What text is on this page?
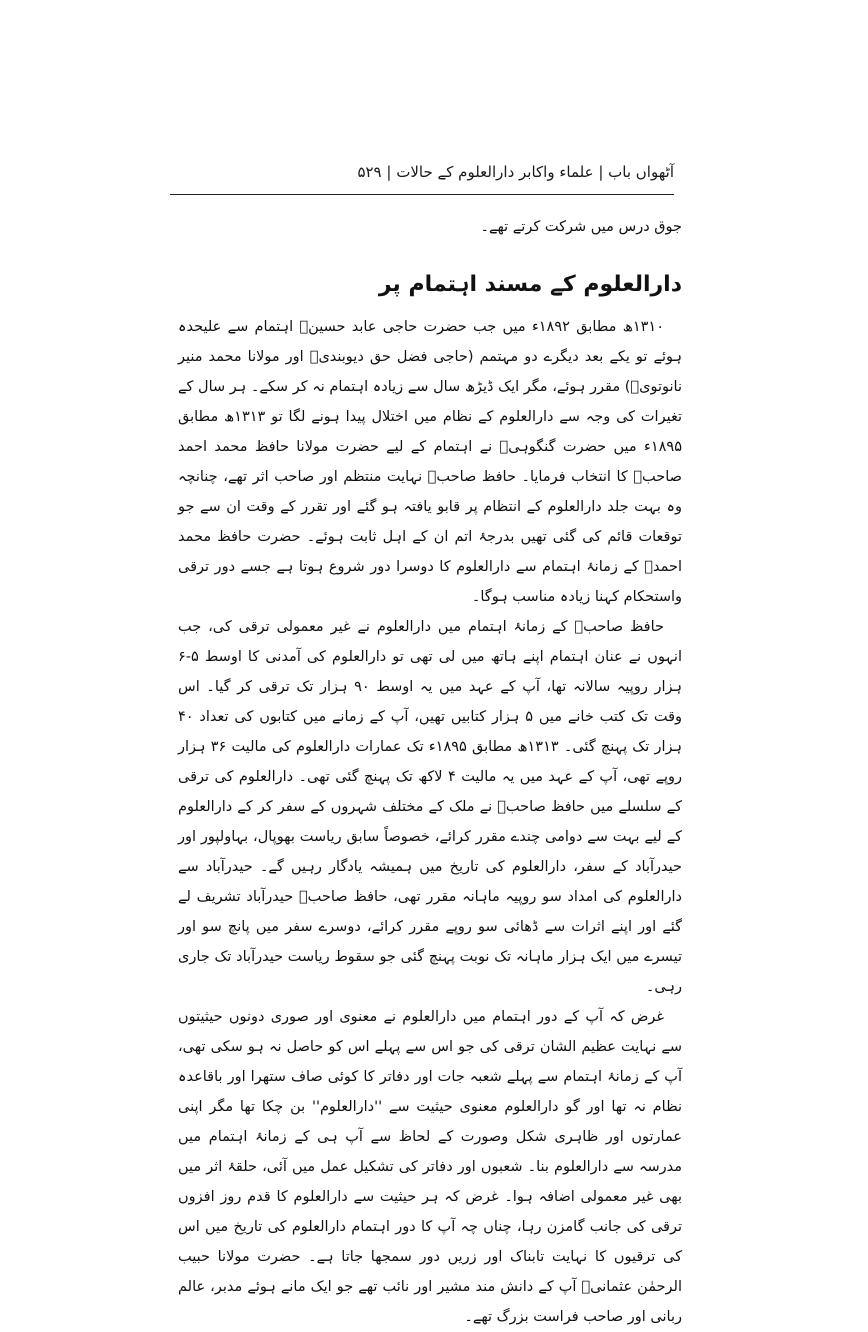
آٹھواں باب | علماء واکابر دارالعلوم کے حالات | ۵۲۹

جوق درس میں شرکت کرتے تھے۔

دارالعلوم کے مسند اہتمام پر

۱۳۱۰ھ مطابق ۱۸۹۲ء میں جب حضرت حاجی عابد حسینؒ اہتمام سے علیحدہ ہوئے تو یکے بعد دیگرے دو مہتمم (حاجی فضل حق دیوبندیؒ اور مولانا محمد منیر نانوتویؒ) مقرر ہوئے، مگر ایک ڈیڑھ سال سے زیادہ اہتمام نہ کر سکے۔ ہر سال کے تغیرات کی وجہ سے دارالعلوم کے نظام میں اختلال پیدا ہونے لگا تو ۱۳۱۳ھ مطابق ۱۸۹۵ء میں حضرت گنگوہیؒ نے اہتمام کے لیے حضرت مولانا حافظ محمد احمد صاحبؒ کا انتخاب فرمایا۔ حافظ صاحبؒ نہایت منتظم اور صاحب اثر تھے، چنانچہ وہ بہت جلد دارالعلوم کے انتظام پر قابو یافتہ ہو گئے اور تقرر کے وقت ان سے جو توقعات قائم کی گئی تھیں بدرجۂ اتم ان کے اہل ثابت ہوئے۔ حضرت حافظ محمد احمدؒ کے زمانۂ اہتمام سے دارالعلوم کا دوسرا دور شروع ہوتا ہے جسے دور ترقی واستحکام کہنا زیادہ مناسب ہوگا۔

حافظ صاحبؒ کے زمانۂ اہتمام میں دارالعلوم نے غیر معمولی ترقی کی، جب انہوں نے عنان اہتمام اپنے ہاتھ میں لی تھی تو دارالعلوم کی آمدنی کا اوسط ۵-۶ ہزار روپیہ سالانہ تھا، آپ کے عہد میں یہ اوسط ۹۰ ہزار تک ترقی کر گیا۔ اس وقت تک کتب خانے میں ۵ ہزار کتابیں تھیں، آپ کے زمانے میں کتابوں کی تعداد ۴۰ ہزار تک پہنچ گئی۔ ۱۳۱۳ھ مطابق ۱۸۹۵ء تک عمارات دارالعلوم کی مالیت ۳۶ ہزار روپے تھی، آپ کے عہد میں یہ مالیت ۴ لاکھ تک پہنچ گئی تھی۔ دارالعلوم کی ترقی کے سلسلے میں حافظ صاحبؒ نے ملک کے مختلف شہروں کے سفر کر کے دارالعلوم کے لیے بہت سے دوامی چندے مقرر کرائے، خصوصاً سابق ریاست بھوپال، بہاولپور اور حیدرآباد کے سفر، دارالعلوم کی تاریخ میں ہمیشہ یادگار رہیں گے۔ حیدرآباد سے دارالعلوم کی امداد سو روپیہ ماہانہ مقرر تھی، حافظ صاحبؒ حیدرآباد تشریف لے گئے اور اپنے اثرات سے ڈھائی سو روپے مقرر کرائے، دوسرے سفر میں پانچ سو اور تیسرے میں ایک ہزار ماہانہ تک نوبت پہنچ گئی جو سقوط ریاست حیدرآباد تک جاری رہی۔

غرض کہ آپ کے دور اہتمام میں دارالعلوم نے معنوی اور صوری دونوں حیثیتوں سے نہایت عظیم الشان ترقی کی جو اس سے پہلے اس کو حاصل نہ ہو سکی تھی، آپ کے زمانۂ اہتمام سے پہلے شعبہ جات اور دفاتر کا کوئی صاف ستھرا اور باقاعدہ نظام نہ تھا اور گو دارالعلوم معنوی حیثیت سے ''دارالعلوم'' بن چکا تھا مگر اپنی عمارتوں اور ظاہری شکل وصورت کے لحاظ سے آپ ہی کے زمانۂ اہتمام میں مدرسہ سے دارالعلوم بنا۔ شعبوں اور دفاتر کی تشکیل عمل میں آئی، حلقۂ اثر میں بھی غیر معمولی اضافہ ہوا۔ غرض کہ ہر حیثیت سے دارالعلوم کا قدم روز افزوں ترقی کی جانب گامزن رہا، چناں چہ آپ کا دور اہتمام دارالعلوم کی تاریخ میں اس کی ترقیوں کا نہایت تابناک اور زریں دور سمجھا جاتا ہے۔ حضرت مولانا حبیب الرحمٰن عثمانیؒ آپ کے دانش مند مشیر اور نائب تھے جو ایک مانے ہوئے مدبر، عالم ربانی اور صاحب فراست بزرگ تھے۔
